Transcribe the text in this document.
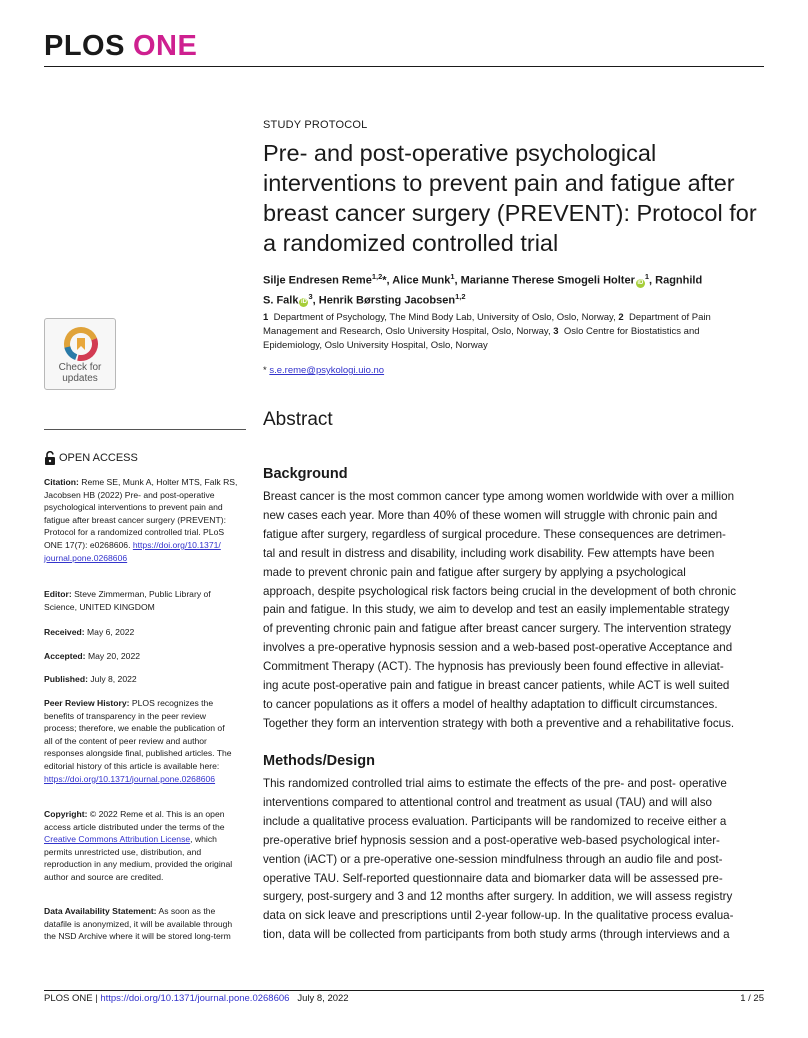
PLOS ONE
STUDY PROTOCOL
Pre- and post-operative psychological
interventions to prevent pain and fatigue after
breast cancer surgery (PREVENT): Protocol for
a randomized controlled trial
Silje Endresen Reme$^{1,2}$*, Alice Munk$^1$, Marianne Therese Smogeli Holter $iD^1$, Ragnhild
S. Falk $iD^3$, Henrik Børsting Jacobsen$^{1,2}$
1 Department of Psychology, The Mind Body Lab, University of Oslo, Oslo, Norway, 2 Department of Pain
Management and Research, Oslo University Hospital, Oslo, Norway, 3 Oslo Centre for Biostatistics and
Epidemiology, Oslo University Hospital, Oslo, Norway
* s.e.reme@psykologi.uio.no
Abstract
Background
Breast cancer is the most common cancer type among women worldwide with over a million
new cases each year. More than 40% of these women will struggle with chronic pain and
fatigue after surgery, regardless of surgical procedure. These consequences are detrimen-
tal and result in distress and disability, including work disability. Few attempts have been
made to prevent chronic pain and fatigue after surgery by applying a psychological
approach, despite psychological risk factors being crucial in the development of both chronic
pain and fatigue. In this study, we aim to develop and test an easily implementable strategy
of preventing chronic pain and fatigue after breast cancer surgery. The intervention strategy
involves a pre-operative hypnosis session and a web-based post-operative Acceptance and
Commitment Therapy (ACT). The hypnosis has previously been found effective in alleviat-
ing acute post-operative pain and fatigue in breast cancer patients, while ACT is well suited
to cancer populations as it offers a model of healthy adaptation to difficult circumstances.
Together they form an intervention strategy with both a preventive and a rehabilitative focus.
Methods/Design
This randomized controlled trial aims to estimate the effects of the pre- and post- operative
interventions compared to attentional control and treatment as usual (TAU) and will also
include a qualitative process evaluation. Participants will be randomized to receive either a
pre-operative brief hypnosis session and a post-operative web-based psychological inter-
vention (iACT) or a pre-operative one-session mindfulness through an audio file and post-
operative TAU. Self-reported questionnaire data and biomarker data will be assessed pre-
surgery, post-surgery and 3 and 12 months after surgery. In addition, we will assess registry
data on sick leave and prescriptions until 2-year follow-up. In the qualitative process evalua-
tion, data will be collected from participants from both study arms (through interviews and a
Check for
updates
OPEN ACCESS
Citation: Reme SE, Munk A, Holter MTS, Falk RS,
Jacobsen HB (2022) Pre- and post-operative
psychological interventions to prevent pain and
fatigue after breast cancer surgery (PREVENT):
Protocol for a randomized controlled trial. PLoS
ONE 17(7): e0268606. https://doi.org/10.1371/
journal.pone.0268606
Editor: Steve Zimmerman, Public Library of
Science, UNITED KINGDOM
Received: May 6, 2022
Accepted: May 20, 2022
Published: July 8, 2022
Peer Review History: PLOS recognizes the
benefits of transparency in the peer review
process; therefore, we enable the publication of
all of the content of peer review and author
responses alongside final, published articles. The
editorial history of this article is available here:
https://doi.org/10.1371/journal.pone.0268606
Copyright: © 2022 Reme et al. This is an open
access article distributed under the terms of the
Creative Commons Attribution License, which
permits unrestricted use, distribution, and
reproduction in any medium, provided the original
author and source are credited.
Data Availability Statement: As soon as the
datafile is anonymized, it will be available through
the NSD Archive where it will be stored long-term
PLOS ONE | https://doi.org/10.1371/journal.pone.0268606 July 8, 2022	1 / 25
